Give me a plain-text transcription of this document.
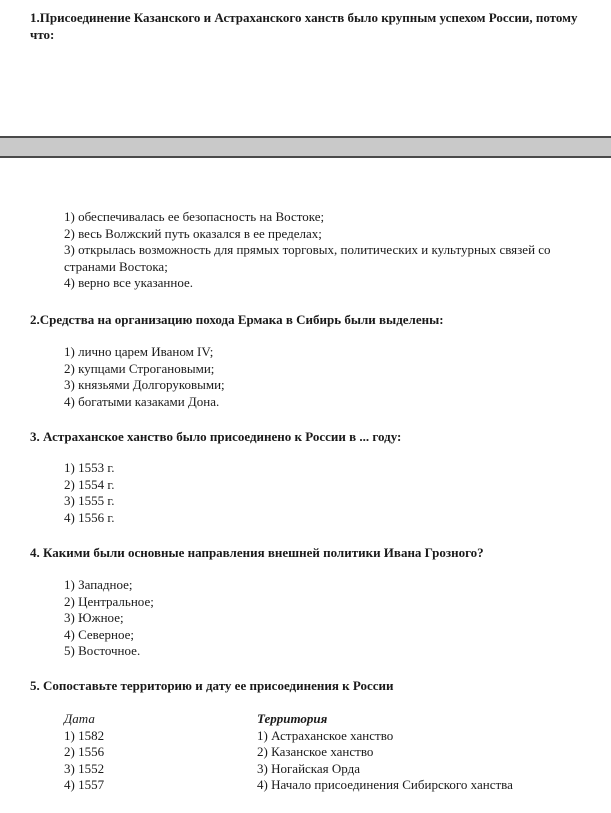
1.Присоединение Казанского и Астраханского ханств было крупным успехом России, потому что:
1) обеспечивалась ее безопасность на Востоке;
2) весь Волжский путь оказался в ее пределах;
3) открылась возможность для прямых торговых, политических и культурных связей со странами Востока;
4) верно все указанное.
2.Средства на организацию похода Ермака в Сибирь были выделены:
1) лично царем Иваном IV;
2) купцами Строгановыми;
3) князьями Долгоруковыми;
4) богатыми казаками Дона.
3. Астраханское ханство было присоединено к России в ... году:
1) 1553 г.
2) 1554 г.
3) 1555 г.
4) 1556 г.
4. Какими были основные направления внешней политики Ивана Грозного?
1) Западное;
2) Центральное;
3) Южное;
4) Северное;
5) Восточное.
5. Сопоставьте территорию и дату ее присоединения к России
Дата
1) 1582
2) 1556
3) 1552
4) 1557
Территория
1) Астраханское ханство
2) Казанское ханство
3) Ногайская Орда
4) Начало присоединения Сибирского ханства
